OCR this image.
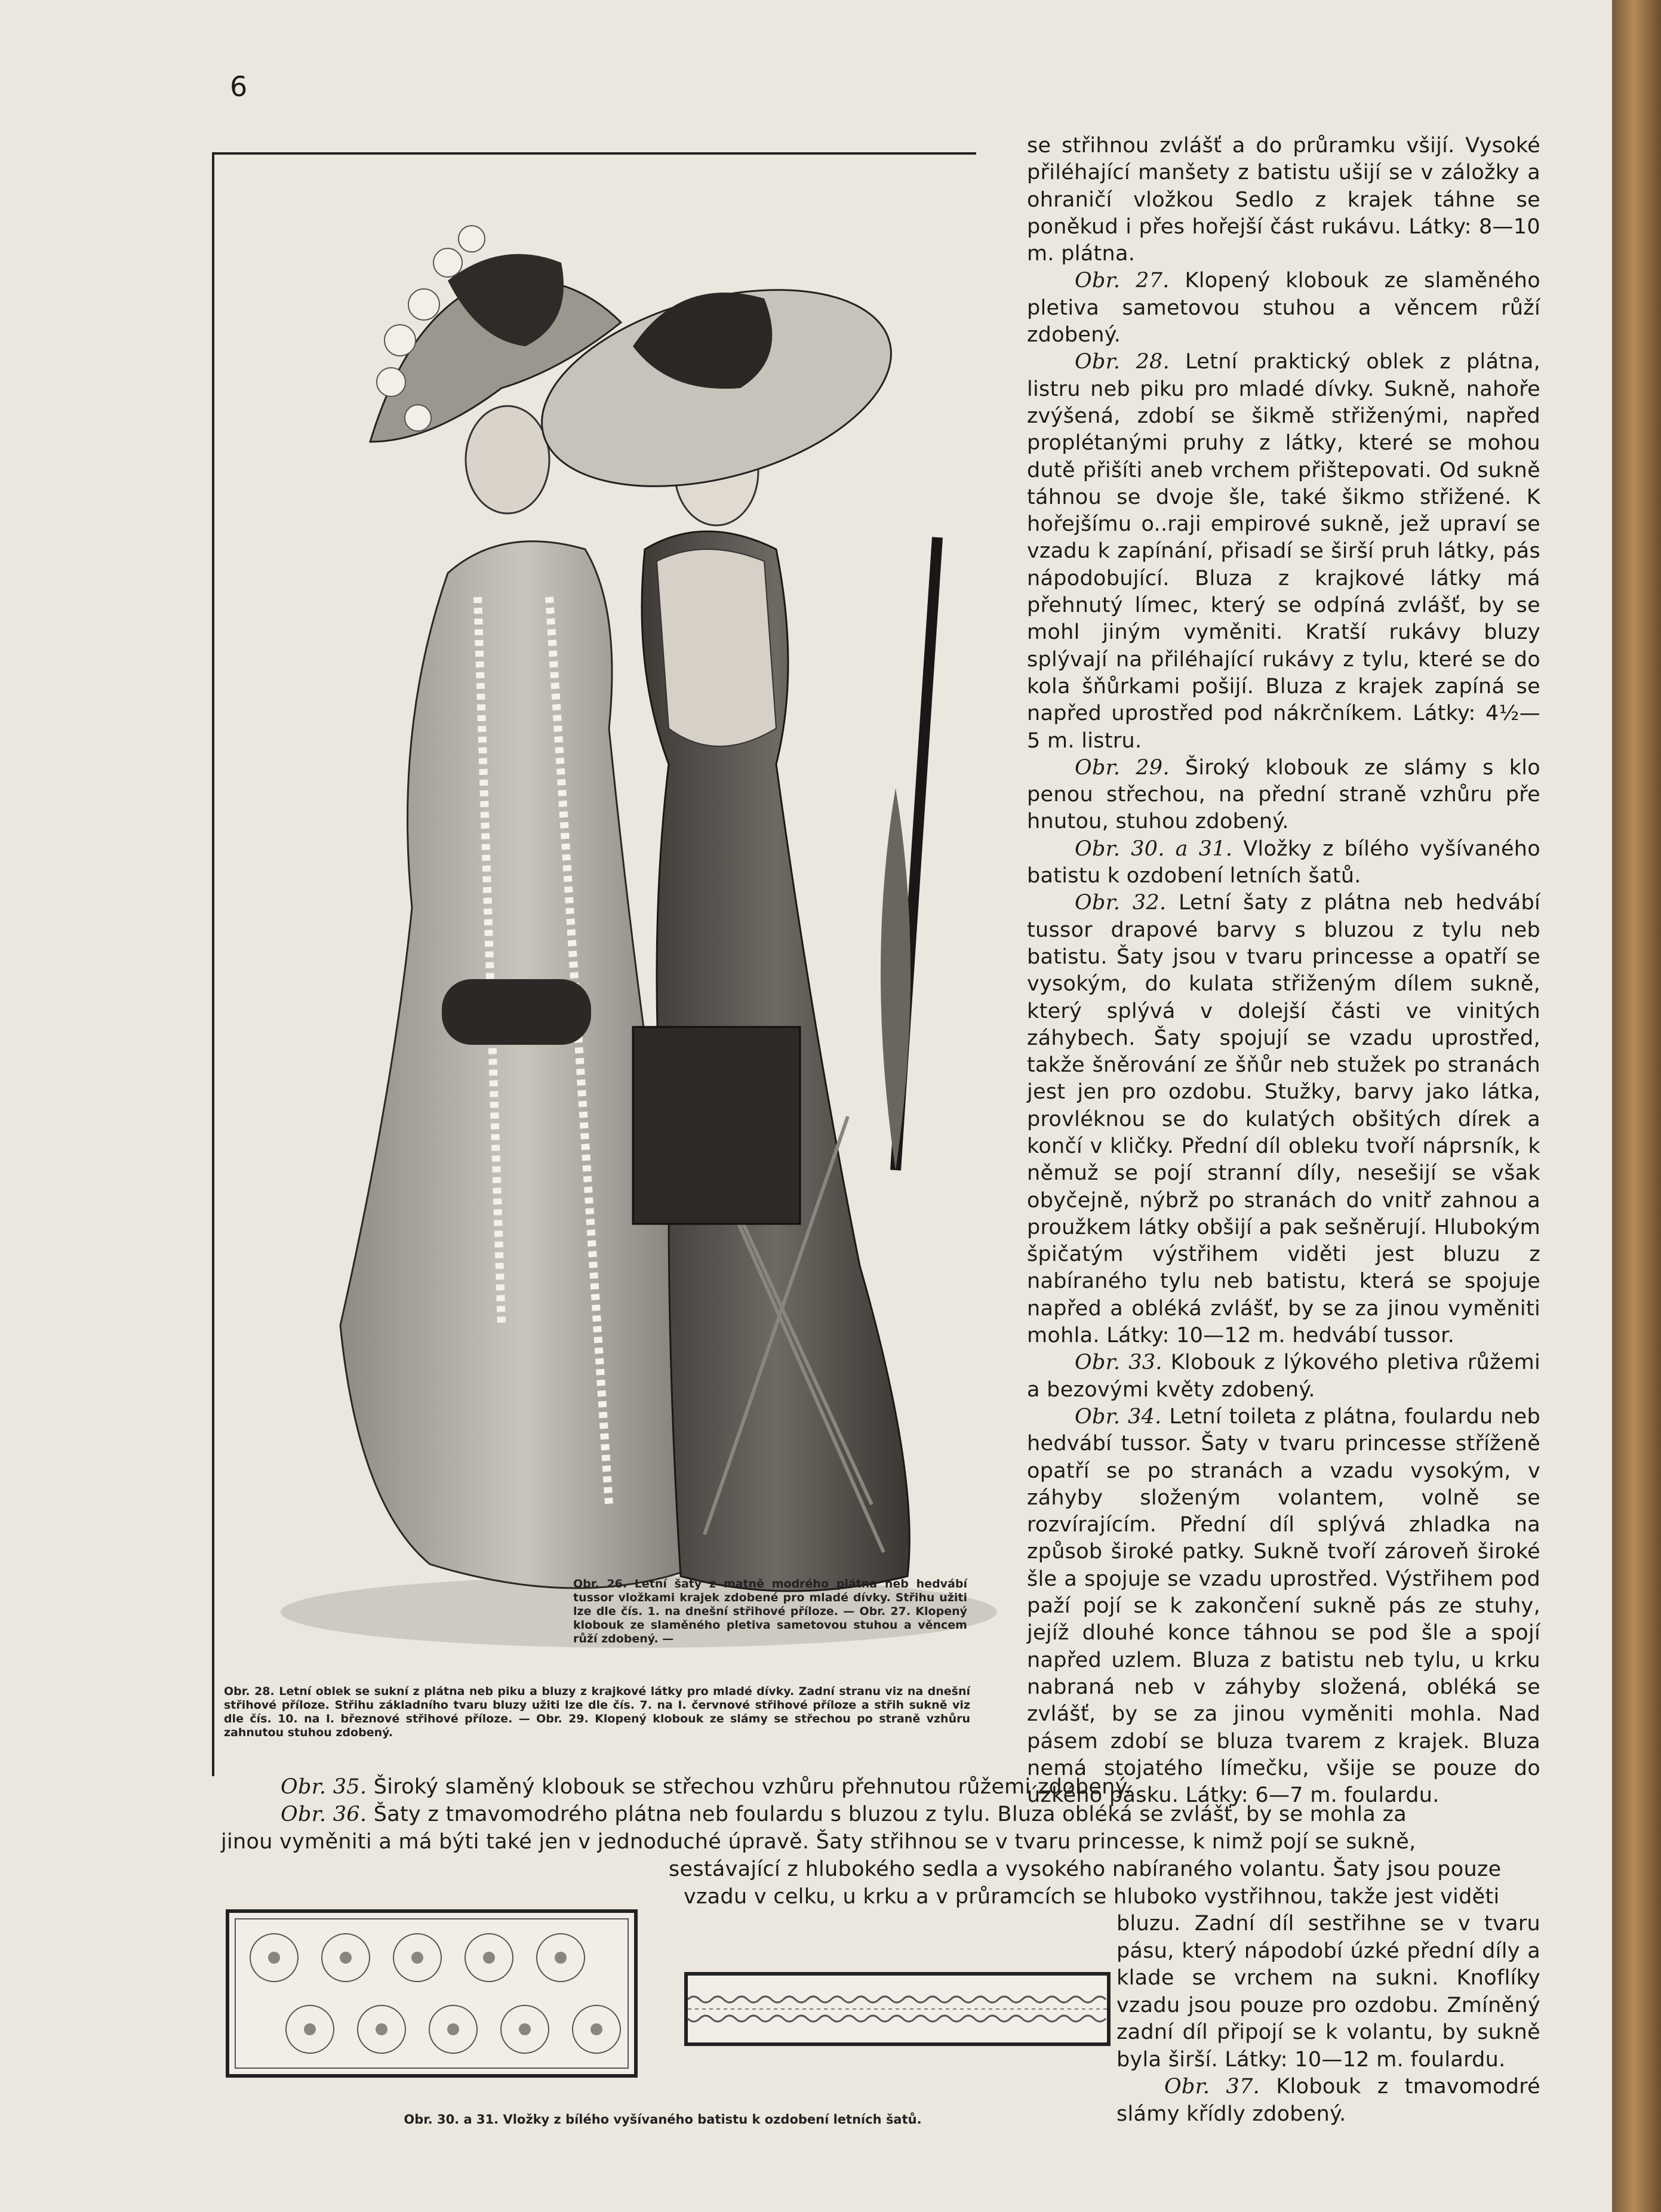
6

se střihnou zvlášť a do průramku všijí. Vysoké přiléhající manšety z batistu ušijí se v záložky a ohraničí vložkou Sedlo z krajek táhne se poněkud i přes hořejší část rukávu. Látky: 8—10 m. plátna.

Obr. 27. Klopený klobouk ze slaměného pletiva sametovou stuhou a věncem růží zdobený.

Obr. 28. Letní praktický oblek z plátna, listru neb piku pro mladé dívky. Sukně, nahoře zvýšená, zdobí se šikmě střiženými, napřed proplétanými pruhy z látky, které se mohou dutě přišíti aneb vrchem přištepovati. Od sukně táhnou se dvoje šle, také šikmo střižené. K hořejšímu o..raji empirové sukně, jež upraví se vzadu k zapínání, přisadí se širší pruh látky, pás nápodobující. Bluza z krajkové látky má přehnutý límec, který se odpíná zvlášť, by se mohl jiným vyměniti. Kratší rukávy bluzy splývají na přiléhající rukávy z tylu, které se do kola šňůrkami pošijí. Bluza z krajek zapíná se napřed uprostřed pod nákrčníkem. Látky: 4½— 5 m. listru.

Obr. 29. Široký klobouk ze slámy s klo penou střechou, na přední straně vzhůru pře hnutou, stuhou zdobený.

Obr. 30. a 31. Vložky z bílého vyšívaného batistu k ozdobení letních šatů.

Obr. 32. Letní šaty z plátna neb hedvábí tussor drapové barvy s bluzou z tylu neb batistu. Šaty jsou v tvaru princesse a opatří se vysokým, do kulata střiženým dílem sukně, který splývá v dolejší části ve vinitých záhybech. Šaty spojují se vzadu uprostřed, takže šněrování ze šňůr neb stužek po stranách jest jen pro ozdobu. Stužky, barvy jako látka, provléknou se do kulatých obšitých dírek a končí v kličky. Přední díl obleku tvoří náprsník, k němuž se pojí stranní díly, nesešijí se však obyčejně, nýbrž po stranách do vnitř zahnou a proužkem látky obšijí a pak sešněrují. Hlubokým špičatým výstřihem viděti jest bluzu z nabíraného tylu neb batistu, která se spojuje napřed a obléká zvlášť, by se za jinou vyměniti mohla. Látky: 10—12 m. hedvábí tussor.

Obr. 33. Klobouk z lýkového pletiva růžemi a bezovými květy zdobený.

Obr. 34. Letní toileta z plátna, foulardu neb hedvábí tussor. Šaty v tvaru princesse stříženě opatří se po stranách a vzadu vysokým, v záhyby složeným volantem, volně se rozvírajícím. Přední díl splývá zhladka na způsob široké patky. Sukně tvoří zároveň široké šle a spojuje se vzadu uprostřed. Výstřihem pod paží pojí se k zakončení sukně pás ze stuhy, jejíž dlouhé konce táhnou se pod šle a spojí napřed uzlem. Bluza z batistu neb tylu, u krku nabraná neb v záhyby složená, obléká se zvlášť, by se za jinou vyměniti mohla. Nad pásem zdobí se bluza tvarem z krajek. Bluza nemá stojatého límečku, všije se pouze do úzkého pásku. Látky: 6—7 m. foulardu.

Obr. 26. Letní šaty z matně modrého plátna neb hedvábí tussor vložkami krajek zdobené pro mladé dívky. Střihu užiti lze dle čís. 1. na dnešní střihové příloze. — Obr. 27. Klopený klobouk ze slaměného pletiva sametovou stuhou a věncem růží zdobený. —
Obr. 28. Letní oblek se sukní z plátna neb piku a bluzy z krajkové látky pro mladé dívky. Zadní stranu viz na dnešní střihové příloze. Střihu základního tvaru bluzy užiti lze dle čís. 7. na I. červnové střihové příloze a střih sukně viz dle čís. 10. na I. březnové střihové příloze. — Obr. 29. Klopený klobouk ze slámy se střechou po straně vzhůru zahnutou stuhou zdobený.
Obr. 35. Široký slaměný klobouk se střechou vzhůru přehnutou růžemi zdobený.
Obr. 36. Šaty z tmavomodrého plátna neb foulardu s bluzou z tylu. Bluza obléká se zvlášť, by se mohla za
jinou vyměniti a má býti také jen v jednoduché úpravě. Šaty střihnou se v tvaru princesse, k nimž pojí se sukně,
sestávající z hlubokého sedla a vysokého nabíraného volantu. Šaty jsou pouze
vzadu v celku, u krku a v průramcích se hluboko vystřihnou, takže jest viděti

bluzu. Zadní díl sestřihne se v tvaru pásu, který nápodobí úzké přední díly a klade se vrchem na sukni. Knoflíky vzadu jsou pouze pro ozdobu. Zmíněný zadní díl připojí se k volantu, by sukně byla širší. Látky: 10—12 m. foulardu.

Obr. 37. Klobouk z tmavomodré slámy křídly zdobený.

Obr. 30. a 31. Vložky z bílého vyšívaného batistu k ozdobení letních šatů.
